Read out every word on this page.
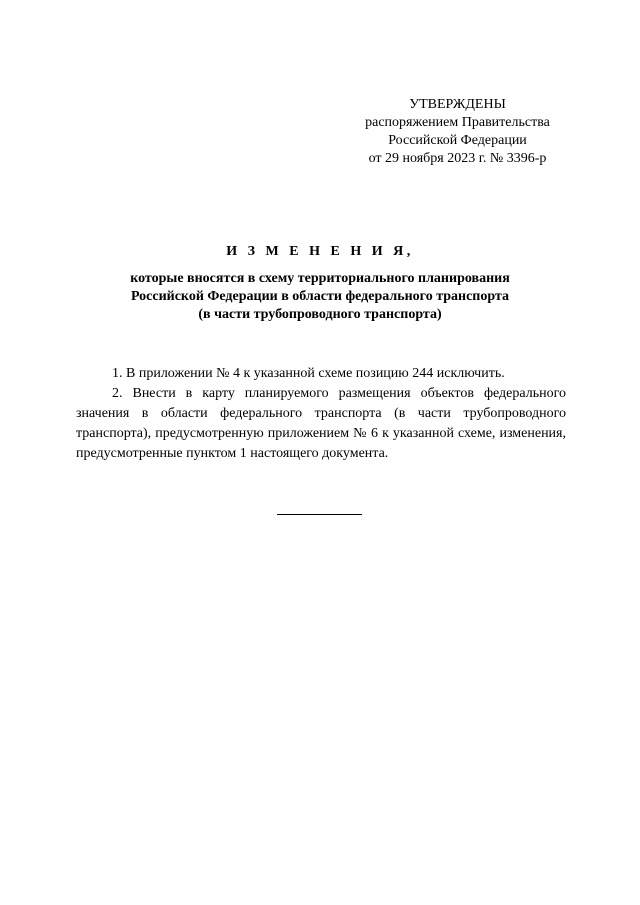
УТВЕРЖДЕНЫ
распоряжением Правительства
Российской Федерации
от 29 ноября 2023 г. № 3396-р
И З М Е Н Е Н И Я,
которые вносятся в схему территориального планирования
Российской Федерации в области федерального транспорта
(в части трубопроводного транспорта)

1. В приложении № 4 к указанной схеме позицию 244 исключить.

2. Внести в карту планируемого размещения объектов федерального значения в области федерального транспорта (в части трубопроводного транспорта), предусмотренную приложением № 6 к указанной схеме, изменения, предусмотренные пунктом 1 настоящего документа.
